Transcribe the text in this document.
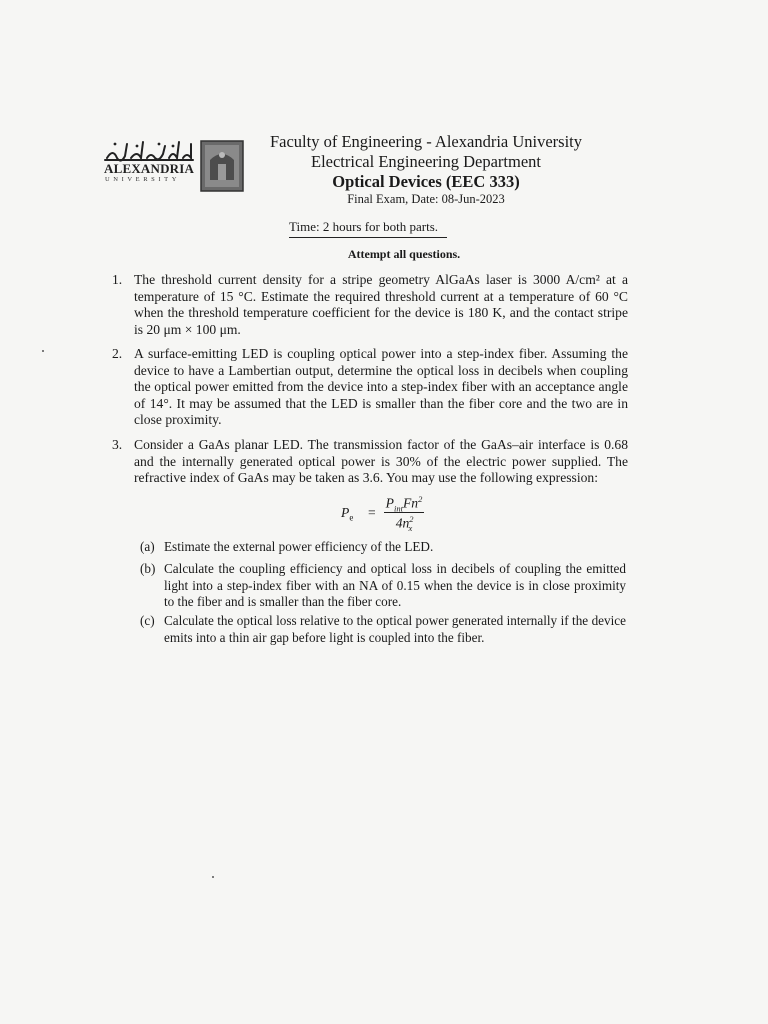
ALEXANDRIA
UNIVERSITY
Faculty of Engineering - Alexandria University
Electrical Engineering Department
Optical Devices (EEC 333)
Final Exam, Date: 08-Jun-2023
Time: 2 hours for both parts.
Attempt all questions.
1. The threshold current density for a stripe geometry AlGaAs laser is 3000 A/cm² at a temperature of 15 °C. Estimate the required threshold current at a temperature of 60 °C when the threshold temperature coefficient for the device is 180 K, and the contact stripe is 20 μm × 100 μm.
2. A surface-emitting LED is coupling optical power into a step-index fiber. Assuming the device to have a Lambertian output, determine the optical loss in decibels when coupling the optical power emitted from the device into a step-index fiber with an acceptance angle of 14°. It may be assumed that the LED is smaller than the fiber core and the two are in close proximity.
3. Consider a GaAs planar LED. The transmission factor of the GaAs–air interface is 0.68 and the internally generated optical power is 30% of the electric power supplied. The refractive index of GaAs may be taken as 3.6. You may use the following expression:
$P_e$ =
$P_{int}Fn^2$
$4n^2_x$
(a) Estimate the external power efficiency of the LED.
(b) Calculate the coupling efficiency and optical loss in decibels of coupling the emitted light into a step-index fiber with an NA of 0.15 when the device is in close proximity to the fiber and is smaller than the fiber core.
(c) Calculate the optical loss relative to the optical power generated internally if the device emits into a thin air gap before light is coupled into the fiber.
